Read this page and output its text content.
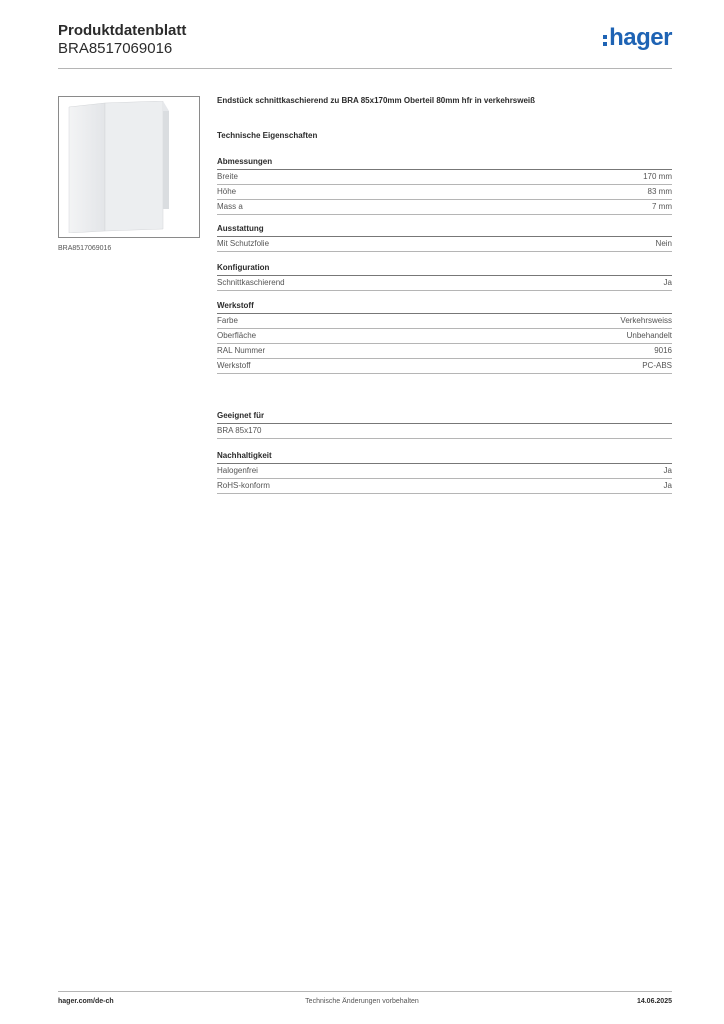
Produktdatenblatt
BRA8517069016	hager
BRA8517069016
Endstück schnittkaschierend zu BRA 85x170mm Oberteil 80mm hfr in verkehrsweiß
Technische Eigenschaften
Abmessungen
Breite	170 mm
Höhe	83 mm
Mass a	7 mm
Ausstattung
Mit Schutzfolie	Nein
Konfiguration
Schnittkaschierend	Ja
Werkstoff
Farbe	Verkehrsweiss
Oberfläche	Unbehandelt
RAL Nummer	9016
Werkstoff	PC-ABS
Geeignet für
BRA 85x170
Nachhaltigkeit
Halogenfrei	Ja
RoHS-konform	Ja
hager.com/de-ch	Technische Änderungen vorbehalten	14.06.2025
